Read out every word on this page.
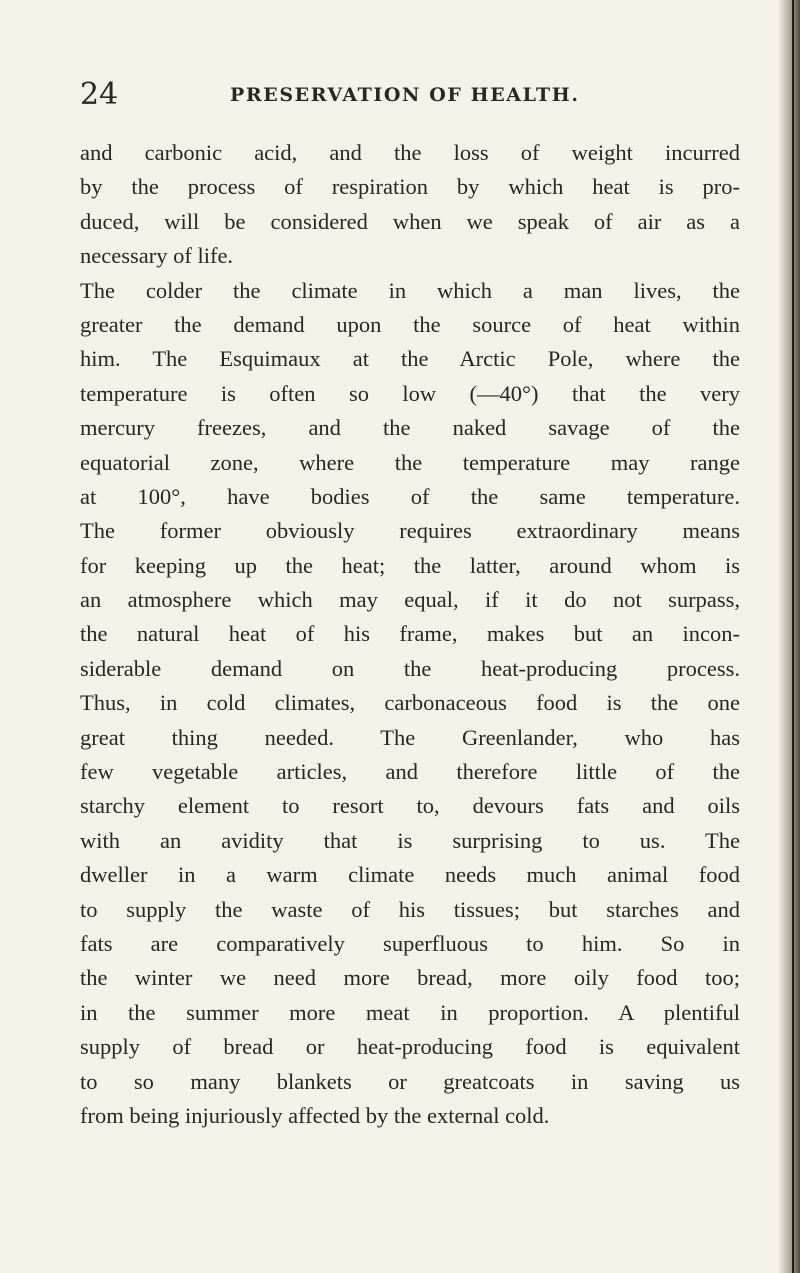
24	PRESERVATION OF HEALTH.
and carbonic acid, and the loss of weight incurred
by the process of respiration by which heat is pro-
duced, will be considered when we speak of air as a
necessary of life.
The colder the climate in which a man lives, the
greater the demand upon the source of heat within
him. The Esquimaux at the Arctic Pole, where the
temperature is often so low (—40°) that the very
mercury freezes, and the naked savage of the
equatorial zone, where the temperature may range
at 100°, have bodies of the same temperature.
The former obviously requires extraordinary means
for keeping up the heat; the latter, around whom is
an atmosphere which may equal, if it do not surpass,
the natural heat of his frame, makes but an incon-
siderable demand on the heat-producing process.
Thus, in cold climates, carbonaceous food is the one
great thing needed. The Greenlander, who has
few vegetable articles, and therefore little of the
starchy element to resort to, devours fats and oils
with an avidity that is surprising to us. The
dweller in a warm climate needs much animal food
to supply the waste of his tissues; but starches and
fats are comparatively superfluous to him. So in
the winter we need more bread, more oily food too;
in the summer more meat in proportion. A plentiful
supply of bread or heat-producing food is equivalent
to so many blankets or greatcoats in saving us
from being injuriously affected by the external cold.
